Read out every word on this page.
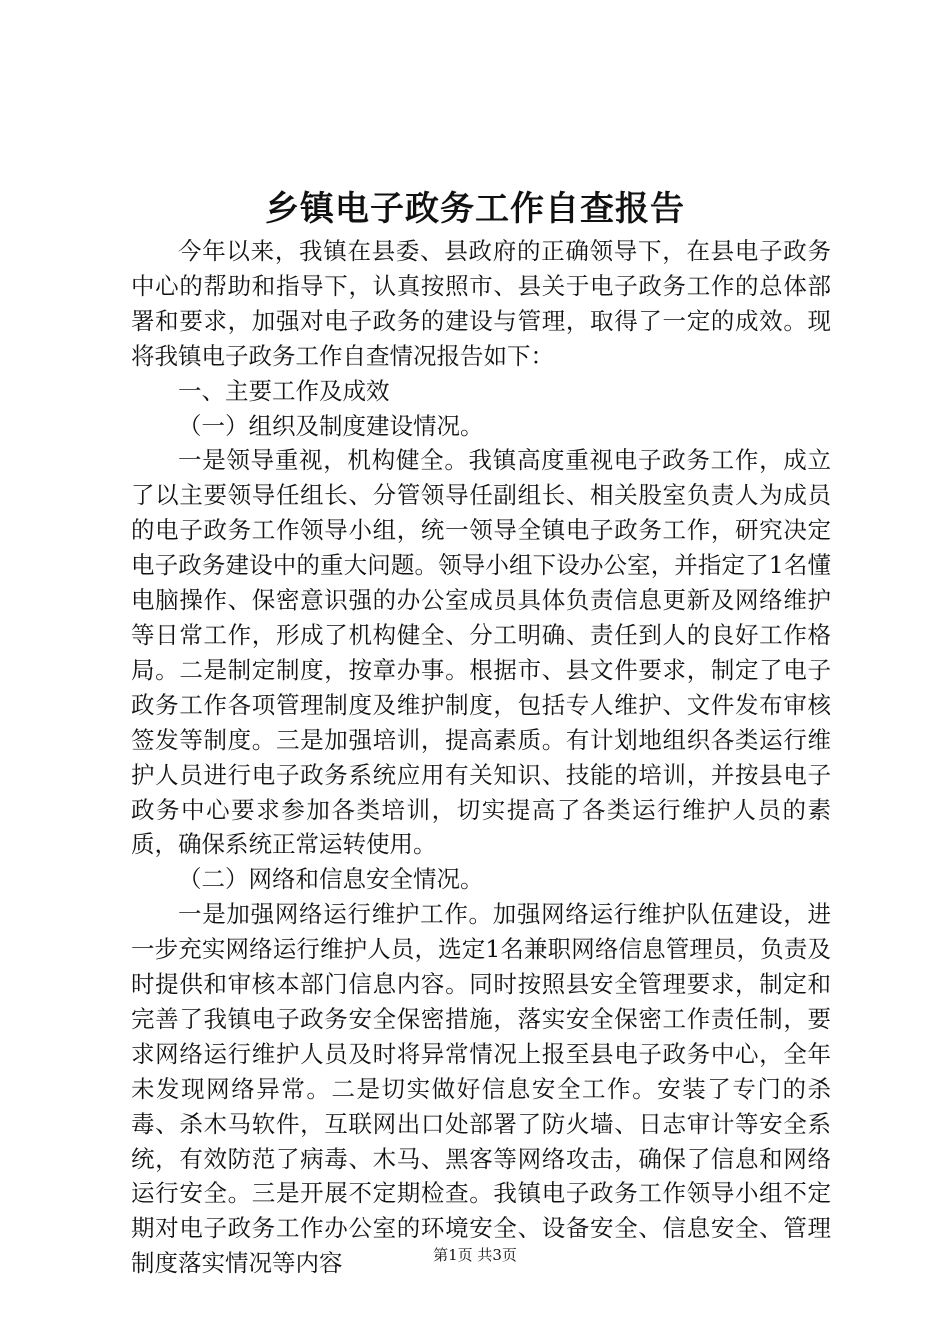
乡镇电子政务工作自查报告

今年以来，我镇在县委、县政府的正确领导下，在县电子政务中心的帮助和指导下，认真按照市、县关于电子政务工作的总体部署和要求，加强对电子政务的建设与管理，取得了一定的成效。现将我镇电子政务工作自查情况报告如下：

一、主要工作及成效

（一）组织及制度建设情况。

一是领导重视，机构健全。我镇高度重视电子政务工作，成立了以主要领导任组长、分管领导任副组长、相关股室负责人为成员的电子政务工作领导小组，统一领导全镇电子政务工作，研究决定电子政务建设中的重大问题。领导小组下设办公室，并指定了1名懂电脑操作、保密意识强的办公室成员具体负责信息更新及网络维护等日常工作，形成了机构健全、分工明确、责任到人的良好工作格局。二是制定制度，按章办事。根据市、县文件要求，制定了电子政务工作各项管理制度及维护制度，包括专人维护、文件发布审核签发等制度。三是加强培训，提高素质。有计划地组织各类运行维护人员进行电子政务系统应用有关知识、技能的培训，并按县电子政务中心要求参加各类培训，切实提高了各类运行维护人员的素质，确保系统正常运转使用。

（二）网络和信息安全情况。

一是加强网络运行维护工作。加强网络运行维护队伍建设，进一步充实网络运行维护人员，选定1名兼职网络信息管理员，负责及时提供和审核本部门信息内容。同时按照县安全管理要求，制定和完善了我镇电子政务安全保密措施，落实安全保密工作责任制，要求网络运行维护人员及时将异常情况上报至县电子政务中心，全年未发现网络异常。二是切实做好信息安全工作。安装了专门的杀毒、杀木马软件，互联网出口处部署了防火墙、日志审计等安全系统，有效防范了病毒、木马、黑客等网络攻击，确保了信息和网络运行安全。三是开展不定期检查。我镇电子政务工作领导小组不定期对电子政务工作办公室的环境安全、设备安全、信息安全、管理制度落实情况等内容	第1页 共3页
